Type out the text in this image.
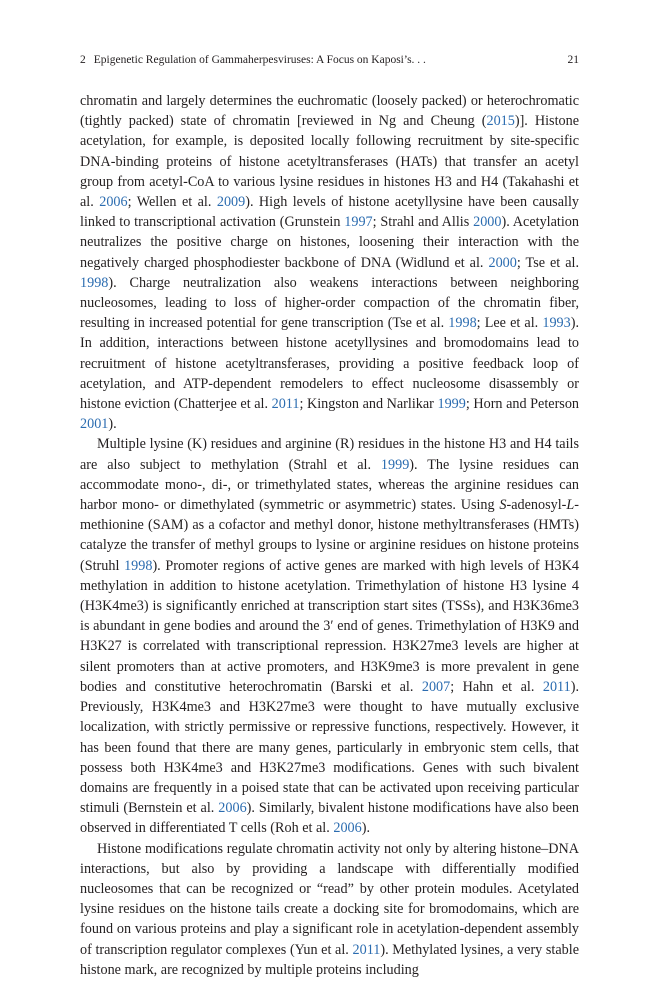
2 Epigenetic Regulation of Gammaherpesviruses: A Focus on Kaposi’s. . .	21

chromatin and largely determines the euchromatic (loosely packed) or heterochromatic (tightly packed) state of chromatin [reviewed in Ng and Cheung (2015)]. Histone acetylation, for example, is deposited locally following recruitment by site-specific DNA-binding proteins of histone acetyltransferases (HATs) that transfer an acetyl group from acetyl-CoA to various lysine residues in histones H3 and H4 (Takahashi et al. 2006; Wellen et al. 2009). High levels of histone acetyllysine have been causally linked to transcriptional activation (Grunstein 1997; Strahl and Allis 2000). Acetylation neutralizes the positive charge on histones, loosening their interaction with the negatively charged phosphodiester backbone of DNA (Widlund et al. 2000; Tse et al. 1998). Charge neutralization also weakens interactions between neighboring nucleosomes, leading to loss of higher-order compaction of the chromatin fiber, resulting in increased potential for gene transcription (Tse et al. 1998; Lee et al. 1993). In addition, interactions between histone acetyllysines and bromodomains lead to recruitment of histone acetyltransferases, providing a positive feedback loop of acetylation, and ATP-dependent remodelers to effect nucleosome disassembly or histone eviction (Chatterjee et al. 2011; Kingston and Narlikar 1999; Horn and Peterson 2001).

Multiple lysine (K) residues and arginine (R) residues in the histone H3 and H4 tails are also subject to methylation (Strahl et al. 1999). The lysine residues can accommodate mono-, di-, or trimethylated states, whereas the arginine residues can harbor mono- or dimethylated (symmetric or asymmetric) states. Using S-adenosyl-L-methionine (SAM) as a cofactor and methyl donor, histone methyltransferases (HMTs) catalyze the transfer of methyl groups to lysine or arginine residues on histone proteins (Struhl 1998). Promoter regions of active genes are marked with high levels of H3K4 methylation in addition to histone acetylation. Trimethylation of histone H3 lysine 4 (H3K4me3) is significantly enriched at transcription start sites (TSSs), and H3K36me3 is abundant in gene bodies and around the 3′ end of genes. Trimethylation of H3K9 and H3K27 is correlated with transcriptional repression. H3K27me3 levels are higher at silent promoters than at active promoters, and H3K9me3 is more prevalent in gene bodies and constitutive heterochromatin (Barski et al. 2007; Hahn et al. 2011). Previously, H3K4me3 and H3K27me3 were thought to have mutually exclusive localization, with strictly permissive or repressive functions, respectively. However, it has been found that there are many genes, particularly in embryonic stem cells, that possess both H3K4me3 and H3K27me3 modifications. Genes with such bivalent domains are frequently in a poised state that can be activated upon receiving particular stimuli (Bernstein et al. 2006). Similarly, bivalent histone modifications have also been observed in differentiated T cells (Roh et al. 2006).

Histone modifications regulate chromatin activity not only by altering histone–DNA interactions, but also by providing a landscape with differentially modified nucleosomes that can be recognized or “read” by other protein modules. Acetylated lysine residues on the histone tails create a docking site for bromodomains, which are found on various proteins and play a significant role in acetylation-dependent assembly of transcription regulator complexes (Yun et al. 2011). Methylated lysines, a very stable histone mark, are recognized by multiple proteins including
